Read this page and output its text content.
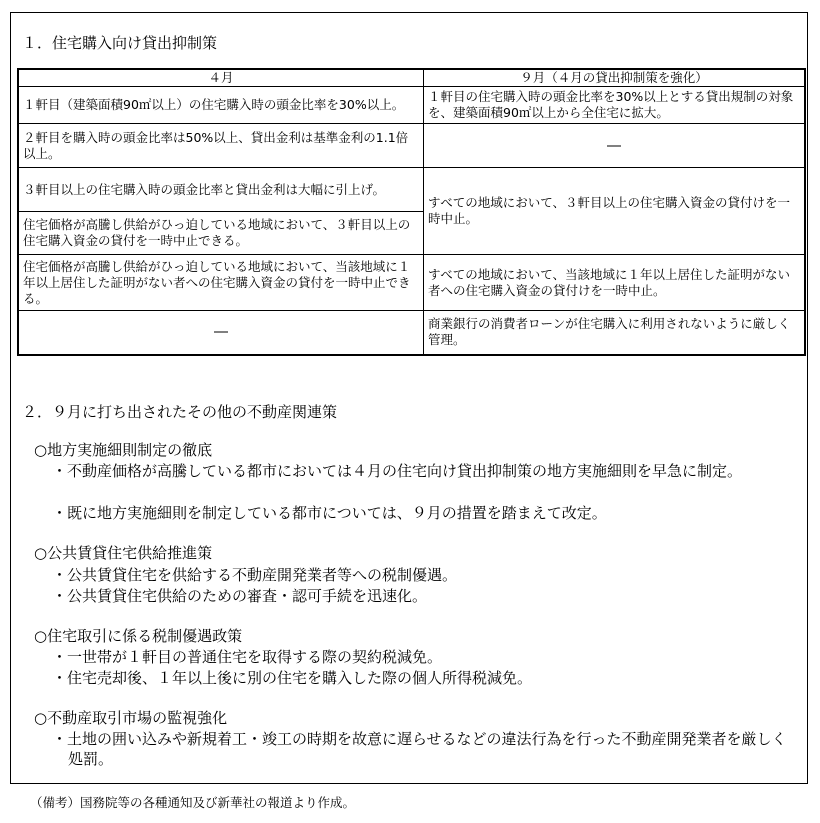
１．住宅購入向け貸出抑制策
４月	９月（４月の貸出抑制策を強化）
１軒目（建築面積90㎡以上）の住宅購入時の頭金比率を30%以上。	１軒目の住宅購入時の頭金比率を30%以上とする貸出規制の対象を、建築面積90㎡以上から全住宅に拡大。
２軒目を購入時の頭金比率は50%以上、貸出金利は基準金利の1.1倍以上。	―
３軒目以上の住宅購入時の頭金比率と貸出金利は大幅に引上げ。	すべての地域において、３軒目以上の住宅購入資金の貸付けを一時中止。
住宅価格が高騰し供給がひっ迫している地域において、３軒目以上の住宅購入資金の貸付を一時中止できる。	
住宅価格が高騰し供給がひっ迫している地域において、当該地域に１年以上居住した証明がない者への住宅購入資金の貸付を一時中止できる。	すべての地域において、当該地域に１年以上居住した証明がない者への住宅購入資金の貸付けを一時中止。
―	商業銀行の消費者ローンが住宅購入に利用されないように厳しく管理。
２．９月に打ち出されたその他の不動産関連策
○地方実施細則制定の徹底
・不動産価格が高騰している都市においては４月の住宅向け貸出抑制策の地方実施細則を早急に制定。
・既に地方実施細則を制定している都市については、９月の措置を踏まえて改定。
○公共賃貸住宅供給推進策
・公共賃貸住宅を供給する不動産開発業者等への税制優遇。
・公共賃貸住宅供給のための審査・認可手続を迅速化。
○住宅取引に係る税制優遇政策
・一世帯が１軒目の普通住宅を取得する際の契約税減免。
・住宅売却後、１年以上後に別の住宅を購入した際の個人所得税減免。
○不動産取引市場の監視強化
・土地の囲い込みや新規着工・竣工の時期を故意に遅らせるなどの違法行為を行った不動産開発業者を厳しく処罰。
（備考）国務院等の各種通知及び新華社の報道より作成。
